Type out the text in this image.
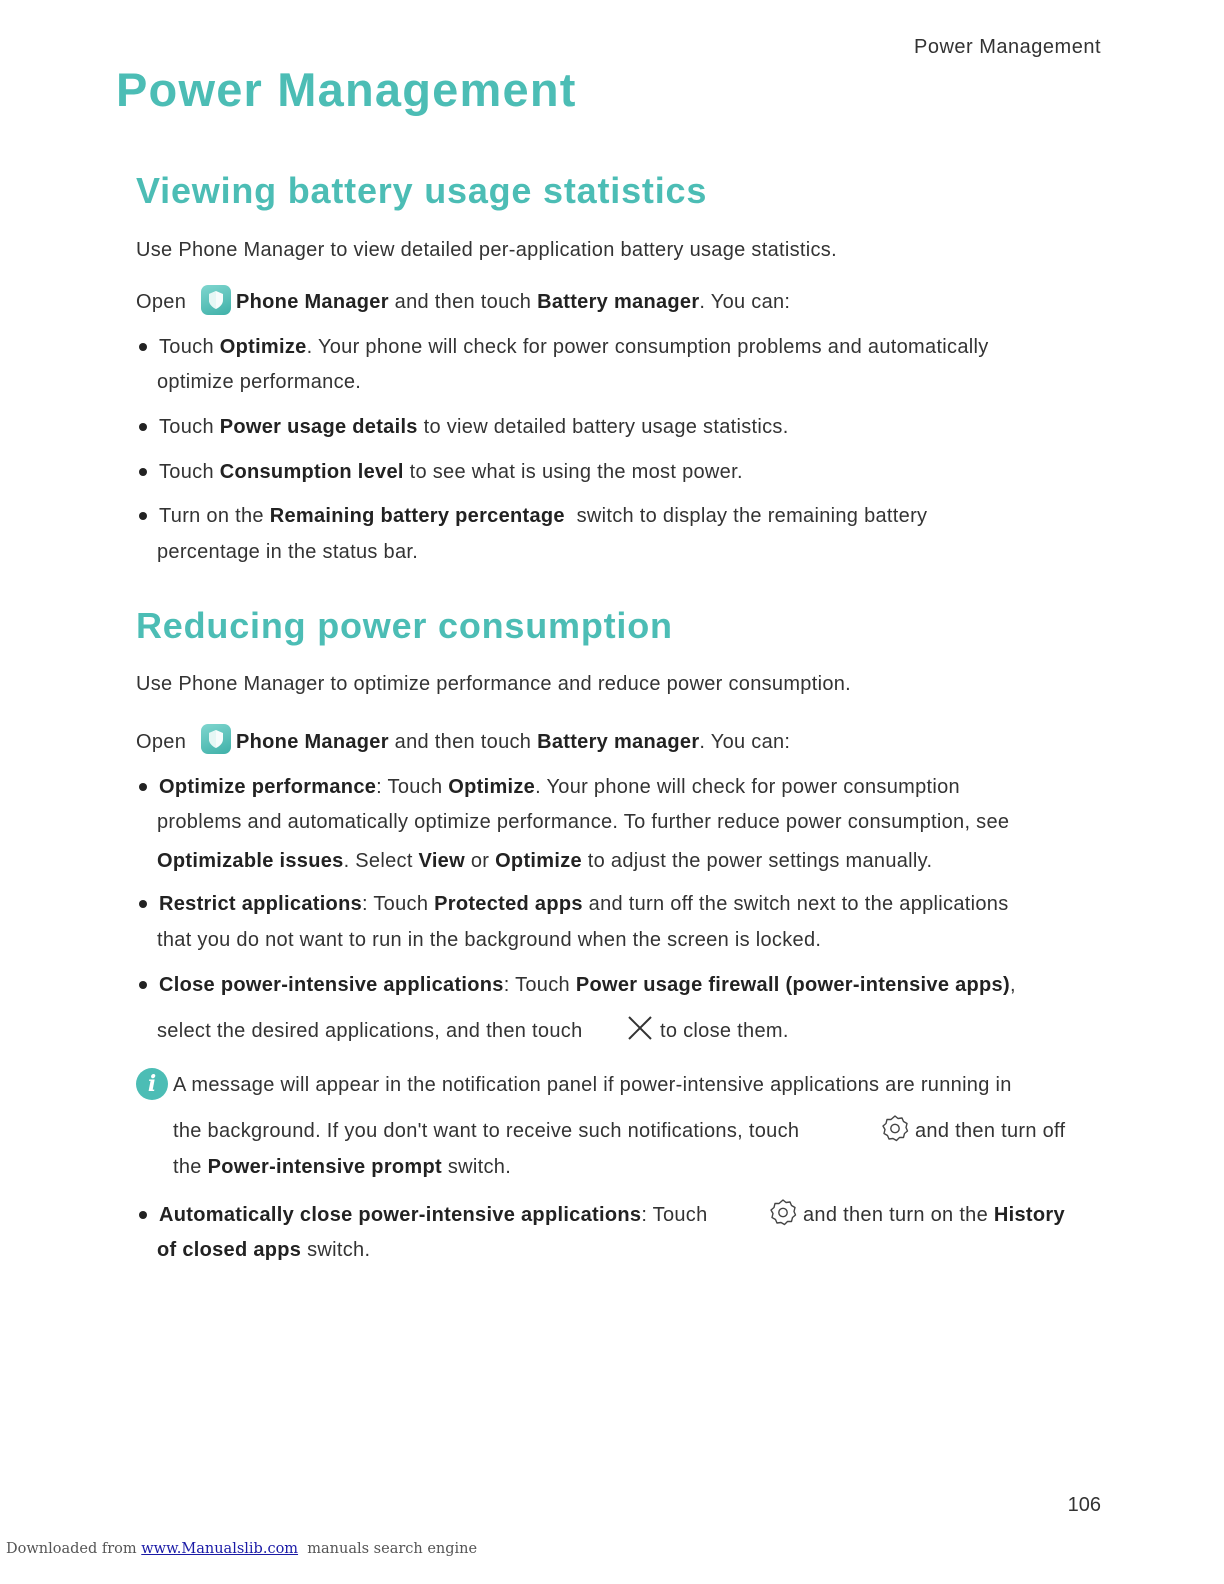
Power Management
Power Management
Viewing battery usage statistics
Use Phone Manager to view detailed per-application battery usage statistics.
Open Phone Manager and then touch Battery manager. You can:
Touch Optimize. Your phone will check for power consumption problems and automatically
optimize performance.
Touch Power usage details to view detailed battery usage statistics.
Touch Consumption level to see what is using the most power.
Turn on the Remaining battery percentage  switch to display the remaining battery
percentage in the status bar.
Reducing power consumption
Use Phone Manager to optimize performance and reduce power consumption.
Open Phone Manager and then touch Battery manager. You can:
Optimize performance: Touch Optimize. Your phone will check for power consumption
problems and automatically optimize performance. To further reduce power consumption, see
Optimizable issues. Select View or Optimize to adjust the power settings manually.
Restrict applications: Touch Protected apps and turn off the switch next to the applications
that you do not want to run in the background when the screen is locked.
Close power-intensive applications: Touch Power usage firewall (power-intensive apps),
select the desired applications, and then touch	to close them.
i A message will appear in the notification panel if power-intensive applications are running in
the background. If you don't want to receive such notifications, touch	and then turn off
the Power-intensive prompt switch.
Automatically close power-intensive applications: Touch	and then turn on the History
of closed apps switch.
106
Downloaded from www.Manualslib.com  manuals search engine
